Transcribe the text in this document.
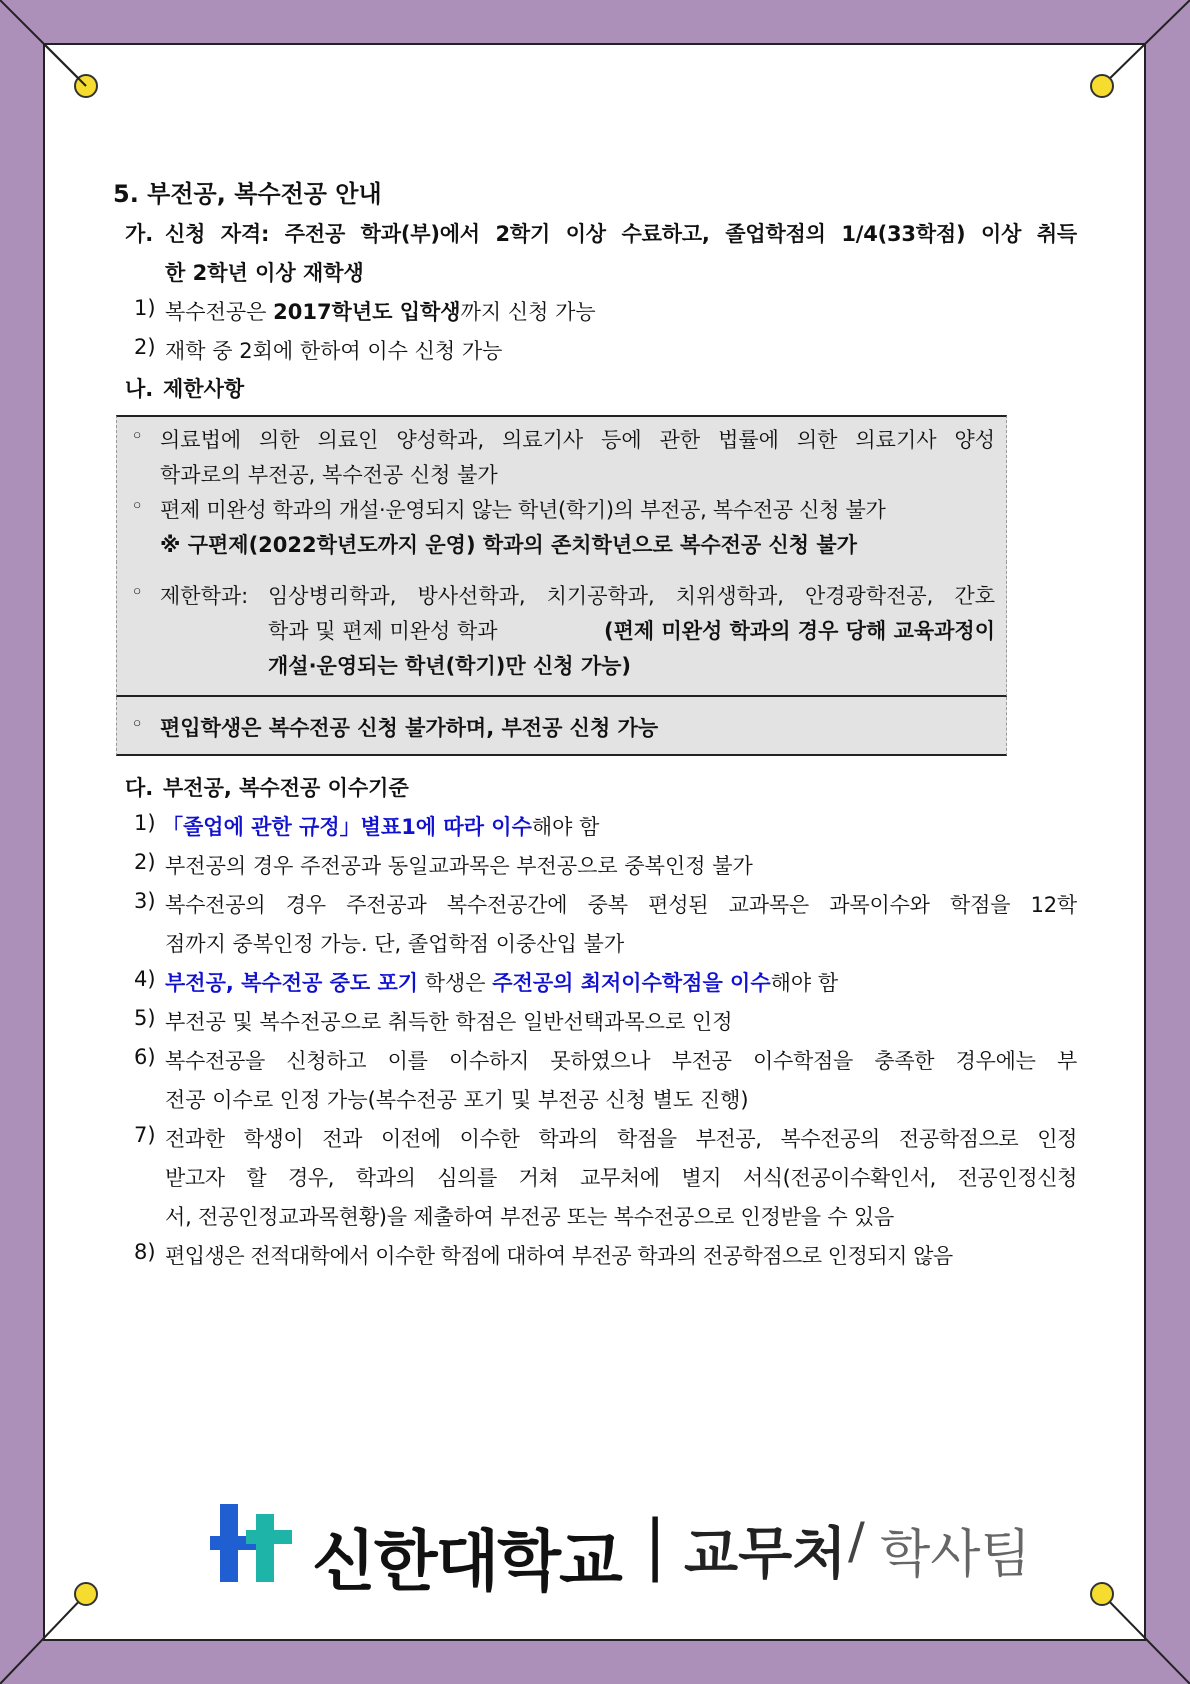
5. 부전공, 복수전공 안내
가. 신청 자격: 주전공 학과(부)에서 2학기 이상 수료하고, 졸업학점의 1/4(33학점) 이상 취득
한 2학년 이상 재학생
1) 복수전공은 2017학년도 입학생까지 신청 가능
2) 재학 중 2회에 한하여 이수 신청 가능
나. 제한사항
◦ 의료법에 의한 의료인 양성학과, 의료기사 등에 관한 법률에 의한 의료기사 양성
학과로의 부전공, 복수전공 신청 불가
◦ 편제 미완성 학과의 개설·운영되지 않는 학년(학기)의 부전공, 복수전공 신청 불가
※ 구편제(2022학년도까지 운영) 학과의 존치학년으로 복수전공 신청 불가
◦ 제한학과: 임상병리학과, 방사선학과, 치기공학과, 치위생학과, 안경광학전공, 간호
학과 및 편제 미완성 학과	(편제 미완성 학과의 경우 당해 교육과정이
개설·운영되는 학년(학기)만 신청 가능)
◦ 편입학생은 복수전공 신청 불가하며, 부전공 신청 가능
다. 부전공, 복수전공 이수기준
1) 「졸업에 관한 규정」별표1에 따라 이수해야 함
2) 부전공의 경우 주전공과 동일교과목은 부전공으로 중복인정 불가
3) 복수전공의 경우 주전공과 복수전공간에 중복 편성된 교과목은 과목이수와 학점을 12학
점까지 중복인정 가능. 단, 졸업학점 이중산입 불가
4) 부전공, 복수전공 중도 포기 학생은 주전공의 최저이수학점을 이수해야 함
5) 부전공 및 복수전공으로 취득한 학점은 일반선택과목으로 인정
6) 복수전공을 신청하고 이를 이수하지 못하였으나 부전공 이수학점을 충족한 경우에는 부
전공 이수로 인정 가능(복수전공 포기 및 부전공 신청 별도 진행)
7) 전과한 학생이 전과 이전에 이수한 학과의 학점을 부전공, 복수전공의 전공학점으로 인정
받고자 할 경우, 학과의 심의를 거쳐 교무처에 별지 서식(전공이수확인서, 전공인정신청
서, 전공인정교과목현황)을 제출하여 부전공 또는 복수전공으로 인정받을 수 있음
8) 편입생은 전적대학에서 이수한 학점에 대하여 부전공 학과의 전공학점으로 인정되지 않음
신한대학교 | 교무처 / 학사팀
